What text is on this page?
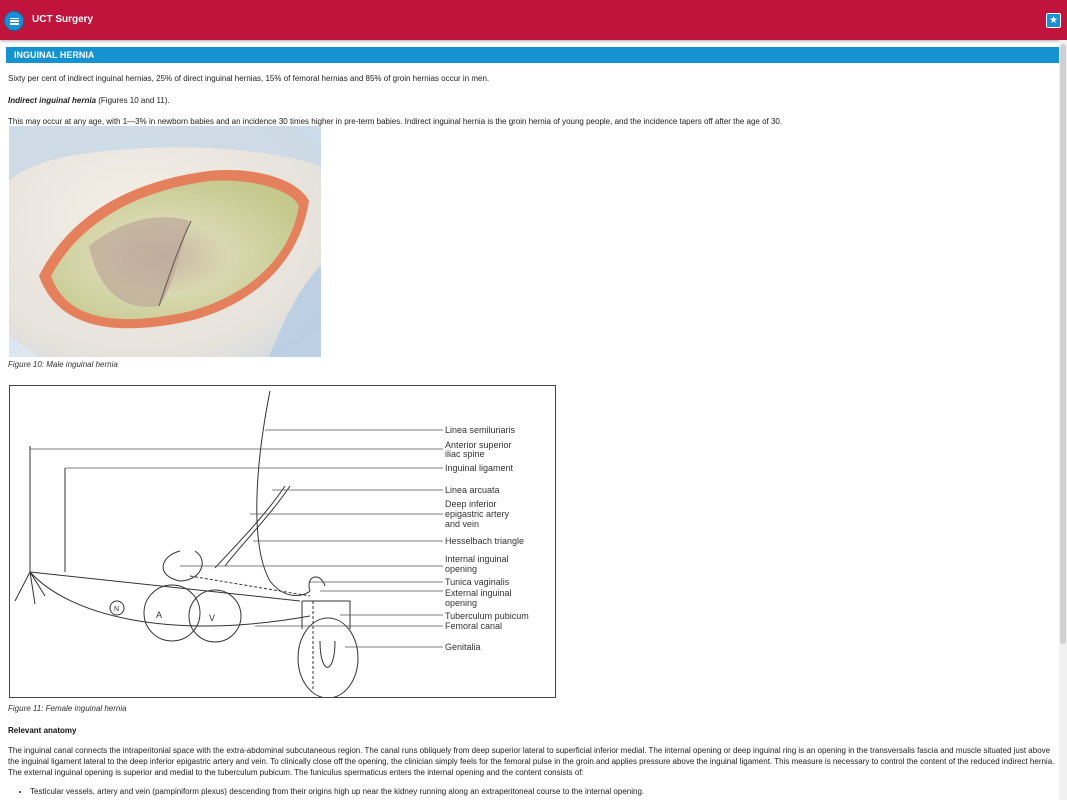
UCT Surgery	★
INGUINAL HERNIA
Sixty per cent of indirect inguinal hernias, 25% of direct inguinal hernias, 15% of femoral hernias and 85% of groin hernias occur in men.
Indirect inguinal hernia (Figures 10 and 11).
This may occur at any age, with 1—3% in newborn babies and an incidence 30 times higher in pre-term babies. Indirect inguinal hernia is the groin hernia of young people, and the incidence tapers off after the age of 30.
Figure 10: Male inguinal hernia
Linea semilunaris
Anterior superior
iliac spine
Inguinal ligament
Linea arcuata
Deep inferior
epigastric artery
and vein
Hesselbach triangle
Internal inguinal
opening
Tunica vaginalis
External inguinal
opening
Tuberculum pubicum
Femoral canal
Genitalia
N
A	V
Figure 11: Female inguinal hernia
Relevant anatomy
The inguinal canal connects the intraperitonial space with the extra-abdominal subcutaneous region. The canal runs obliquely from deep superior lateral to superficial inferior medial. The internal opening or deep inguinal ring is an opening in the transversalis fascia and muscle situated just above the inguinal ligament lateral to the deep inferior epigastric artery and vein. To clinically close off the opening, the clinician simply feels for the femoral pulse in the groin and applies pressure above the inguinal ligament. This measure is necessary to control the content of the reduced indirect hernia. The external inguinal opening is superior and medial to the tuberculum pubicum. The funiculus spermaticus enters the internal opening and the content consists of:
• Testicular vessels, artery and vein (pampiniform plexus) descending from their origins high up near the kidney running along an extraperitoneal course to the internal opening.
